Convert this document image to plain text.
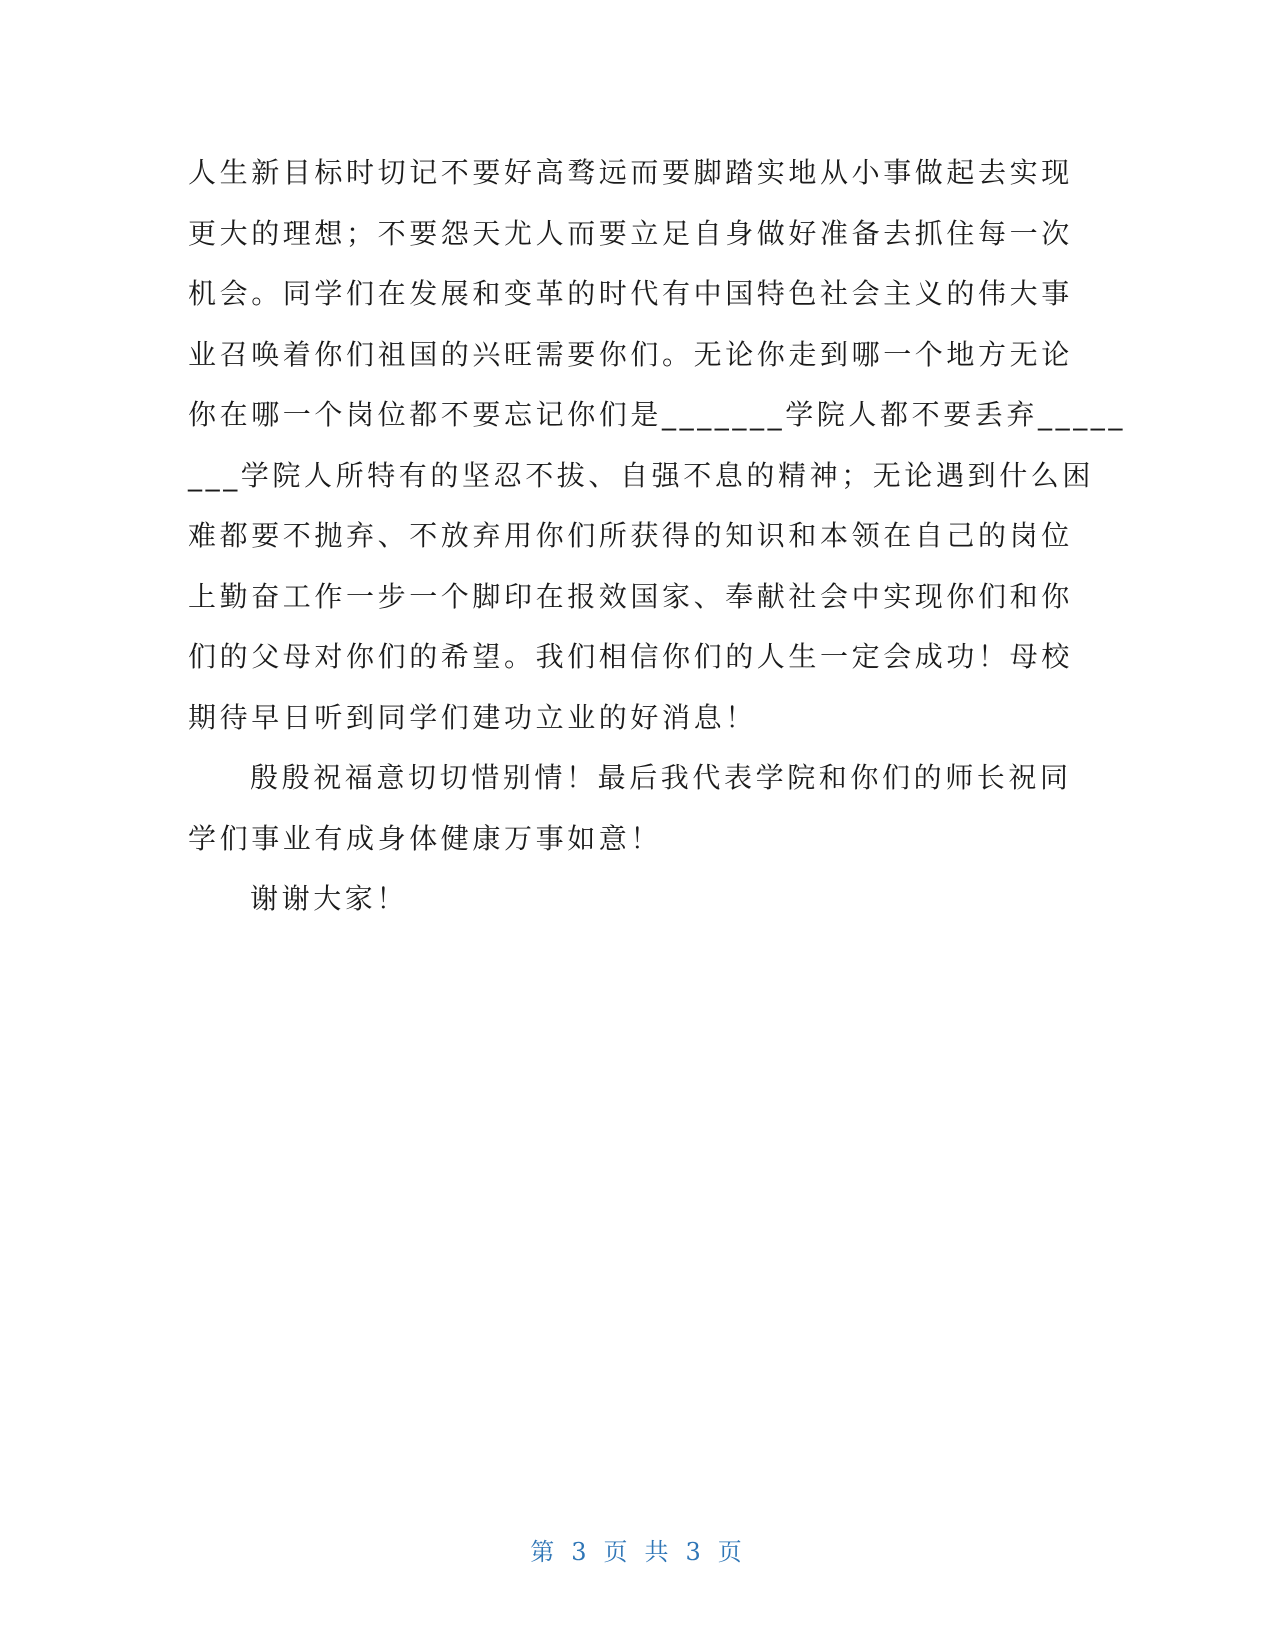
人生新目标时切记不要好高骛远而要脚踏实地从小事做起去实现
更大的理想；不要怨天尤人而要立足自身做好准备去抓住每一次
机会。同学们在发展和变革的时代有中国特色社会主义的伟大事
业召唤着你们祖国的兴旺需要你们。无论你走到哪一个地方无论
你在哪一个岗位都不要忘记你们是_______学院人都不要丢弃_____
___学院人所特有的坚忍不拔、自强不息的精神；无论遇到什么困
难都要不抛弃、不放弃用你们所获得的知识和本领在自己的岗位
上勤奋工作一步一个脚印在报效国家、奉献社会中实现你们和你
们的父母对你们的希望。我们相信你们的人生一定会成功！母校
期待早日听到同学们建功立业的好消息！
殷殷祝福意切切惜别情！最后我代表学院和你们的师长祝同
学们事业有成身体健康万事如意！
谢谢大家！
第 3 页 共 3 页
